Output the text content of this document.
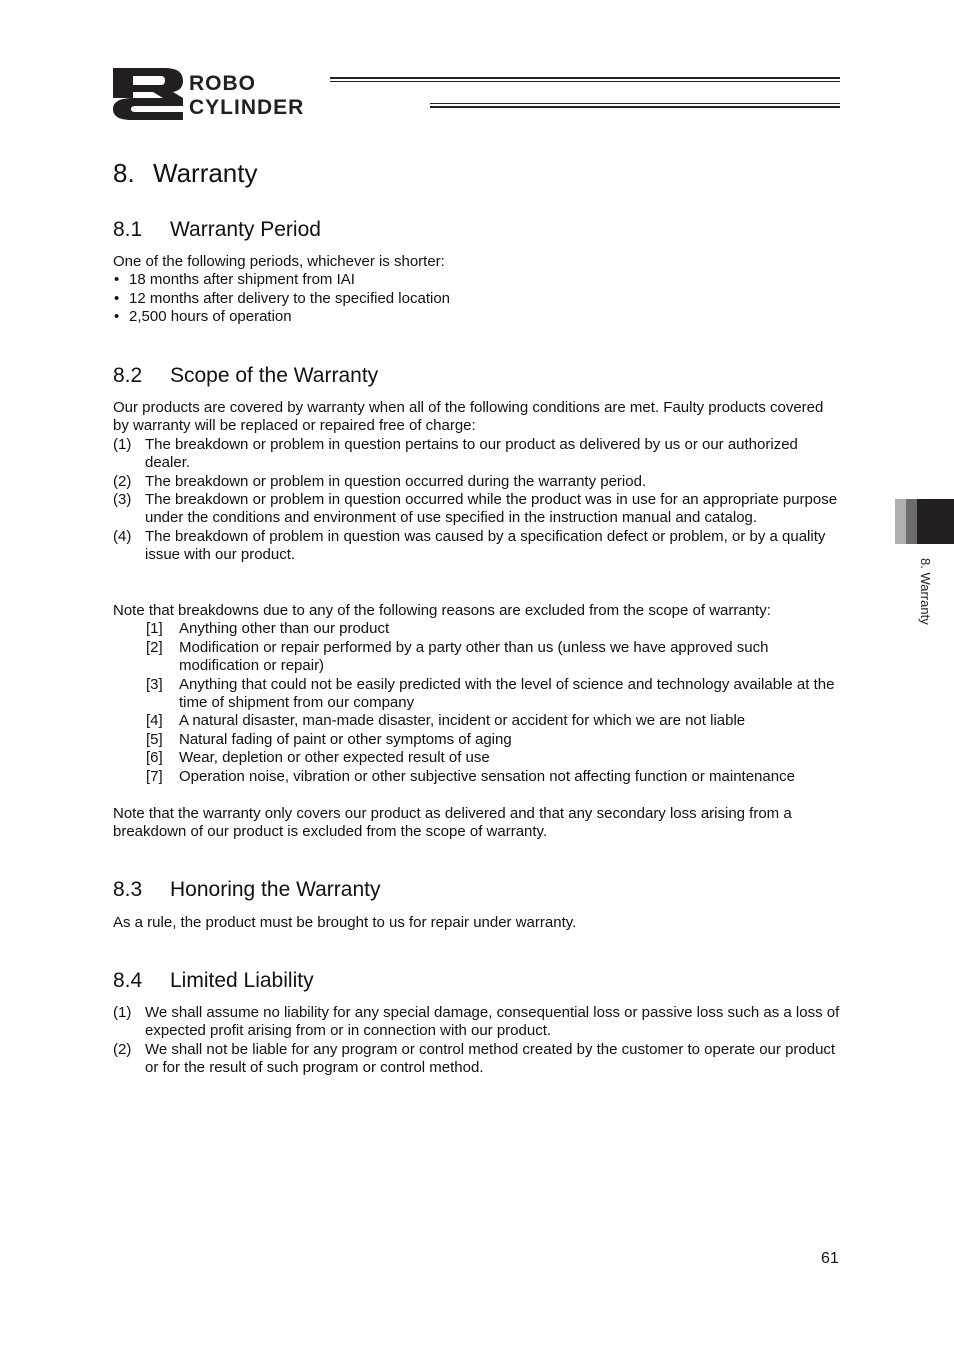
ROBO
CYLINDER
8. Warranty
8.1 Warranty Period

One of the following periods, whichever is shorter:

• 18 months after shipment from IAI
• 12 months after delivery to the specified location
• 2,500 hours of operation
8.2 Scope of the Warranty

Our products are covered by warranty when all of the following conditions are met. Faulty products covered by warranty will be replaced or repaired free of charge:

(1) The breakdown or problem in question pertains to our product as delivered by us or our authorized dealer.
(2) The breakdown or problem in question occurred during the warranty period.
(3) The breakdown or problem in question occurred while the product was in use for an appropriate purpose under the conditions and environment of use specified in the instruction manual and catalog.
(4) The breakdown of problem in question was caused by a specification defect or problem, or by a quality issue with our product.

Note that breakdowns due to any of the following reasons are excluded from the scope of warranty:

[1] Anything other than our product
[2] Modification or repair performed by a party other than us (unless we have approved such modification or repair)
[3] Anything that could not be easily predicted with the level of science and technology available at the time of shipment from our company
[4] A natural disaster, man-made disaster, incident or accident for which we are not liable
[5] Natural fading of paint or other symptoms of aging
[6] Wear, depletion or other expected result of use
[7] Operation noise, vibration or other subjective sensation not affecting function or maintenance

Note that the warranty only covers our product as delivered and that any secondary loss arising from a breakdown of our product is excluded from the scope of warranty.

8.3 Honoring the Warranty

As a rule, the product must be brought to us for repair under warranty.

8.4 Limited Liability
(1) We shall assume no liability for any special damage, consequential loss or passive loss such as a loss of expected profit arising from or in connection with our product.
(2) We shall not be liable for any program or control method created by the customer to operate our product or for the result of such program or control method.
8. Warranty
61
